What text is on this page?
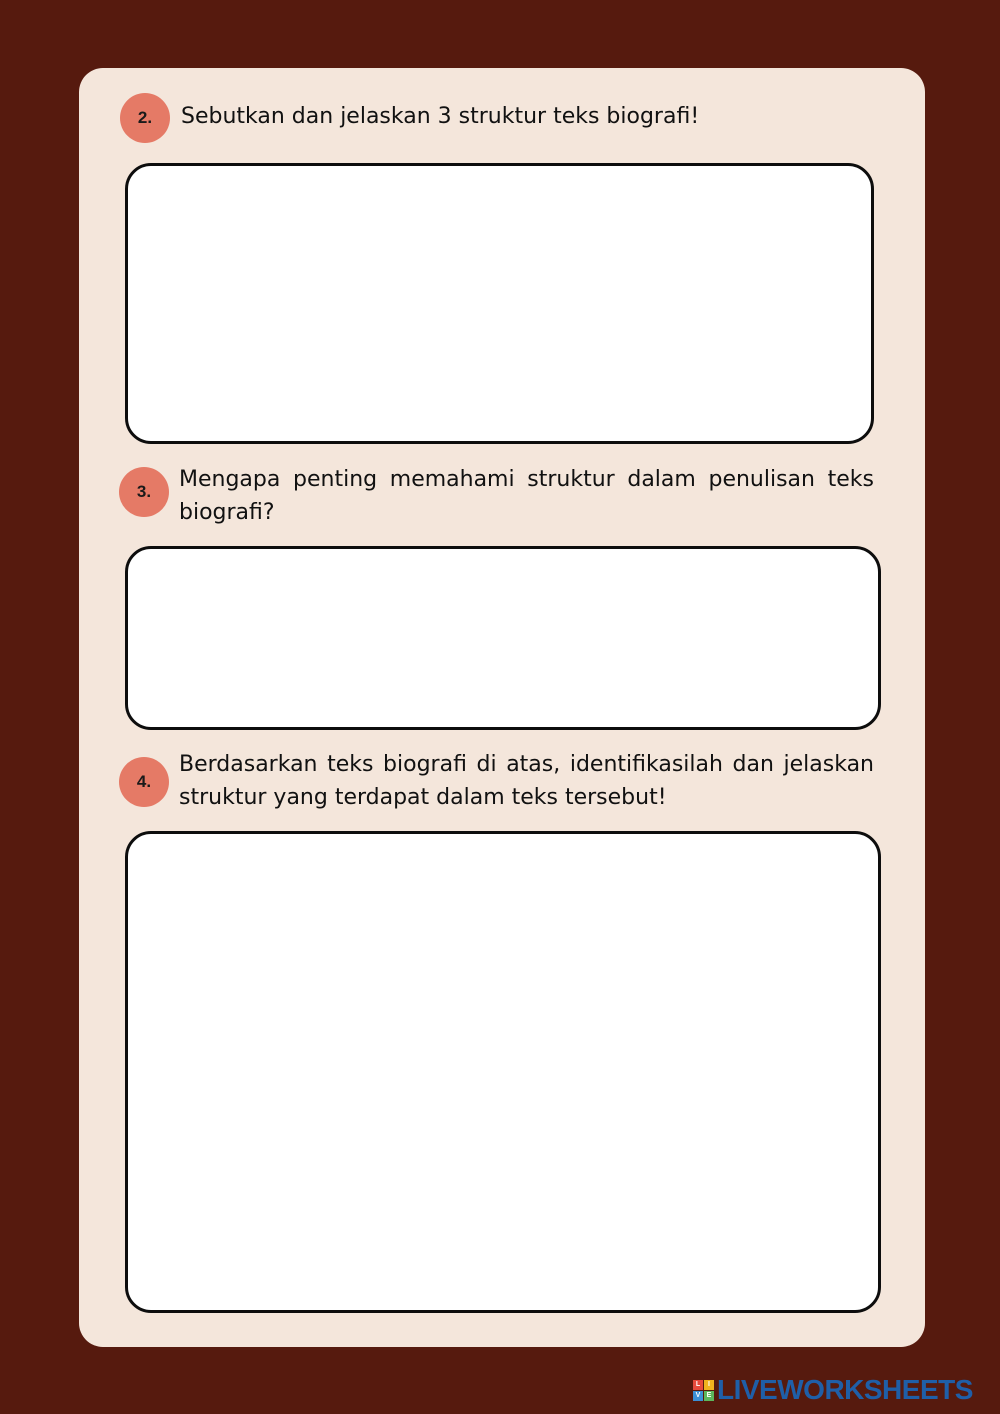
2. Sebutkan dan jelaskan 3 struktur teks biografi!

3. Mengapa penting memahami struktur dalam penulisan teks biografi?

4.

Berdasarkan teks biografi di atas, identifikasilah dan jelaskan struktur yang terdapat dalam teks tersebut!

L	I
V E LIVEWORKSHEETS
